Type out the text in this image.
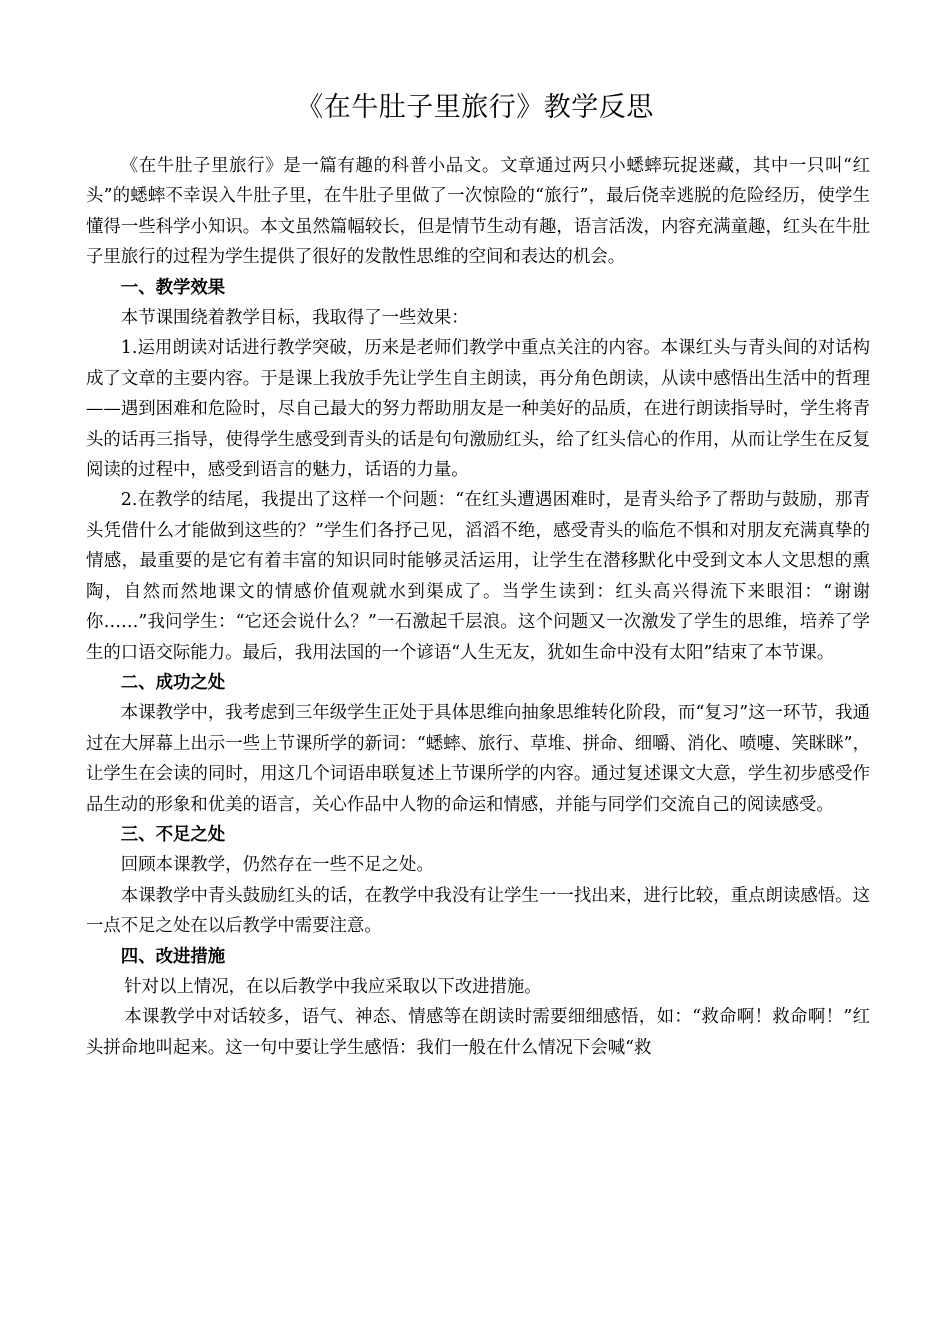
《在牛肚子里旅行》教学反思

《在牛肚子里旅行》是一篇有趣的科普小品文。文章通过两只小蟋蟀玩捉迷藏，其中一只叫“红头”的蟋蟀不幸误入牛肚子里，在牛肚子里做了一次惊险的“旅行”，最后侥幸逃脱的危险经历，使学生懂得一些科学小知识。本文虽然篇幅较长，但是情节生动有趣，语言活泼，内容充满童趣，红头在牛肚子里旅行的过程为学生提供了很好的发散性思维的空间和表达的机会。

一、教学效果

本节课围绕着教学目标，我取得了一些效果：

1.运用朗读对话进行教学突破，历来是老师们教学中重点关注的内容。本课红头与青头间的对话构成了文章的主要内容。于是课上我放手先让学生自主朗读，再分角色朗读，从读中感悟出生活中的哲理——遇到困难和危险时，尽自己最大的努力帮助朋友是一种美好的品质，在进行朗读指导时，学生将青头的话再三指导，使得学生感受到青头的话是句句激励红头，给了红头信心的作用，从而让学生在反复阅读的过程中，感受到语言的魅力，话语的力量。

2.在教学的结尾，我提出了这样一个问题：“在红头遭遇困难时，是青头给予了帮助与鼓励，那青头凭借什么才能做到这些的？”学生们各抒己见，滔滔不绝，感受青头的临危不惧和对朋友充满真挚的情感，最重要的是它有着丰富的知识同时能够灵活运用，让学生在潜移默化中受到文本人文思想的熏陶，自然而然地课文的情感价值观就水到渠成了。当学生读到：红头高兴得流下来眼泪：“谢谢你……”我问学生：“它还会说什么？”一石激起千层浪。这个问题又一次激发了学生的思维，培养了学生的口语交际能力。最后，我用法国的一个谚语“人生无友，犹如生命中没有太阳”结束了本节课。

二、成功之处

本课教学中，我考虑到三年级学生正处于具体思维向抽象思维转化阶段，而“复习”这一环节，我通过在大屏幕上出示一些上节课所学的新词：“蟋蟀、旅行、草堆、拼命、细嚼、消化、喷嚏、笑眯眯”，让学生在会读的同时，用这几个词语串联复述上节课所学的内容。通过复述课文大意，学生初步感受作品生动的形象和优美的语言，关心作品中人物的命运和情感，并能与同学们交流自己的阅读感受。

三、不足之处

回顾本课教学，仍然存在一些不足之处。

本课教学中青头鼓励红头的话，在教学中我没有让学生一一找出来，进行比较，重点朗读感悟。这一点不足之处在以后教学中需要注意。

四、改进措施

针对以上情况，在以后教学中我应采取以下改进措施。

本课教学中对话较多，语气、神态、情感等在朗读时需要细细感悟，如：“救命啊！救命啊！”红头拼命地叫起来。这一句中要让学生感悟：我们一般在什么情况下会喊“救
